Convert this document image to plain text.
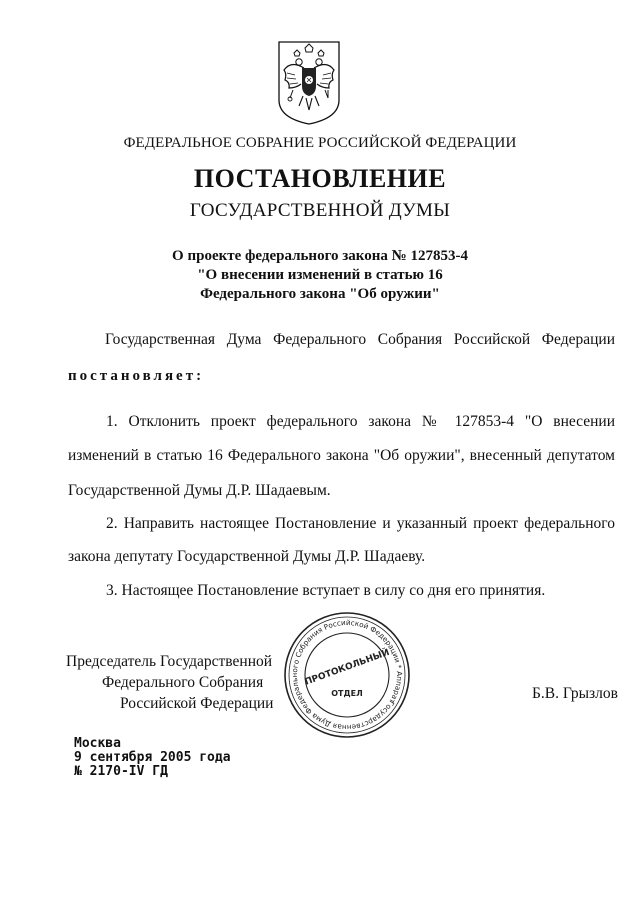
ФЕДЕРАЛЬНОЕ СОБРАНИЕ РОССИЙСКОЙ ФЕДЕРАЦИИ
ПОСТАНОВЛЕНИЕ
ГОСУДАРСТВЕННОЙ ДУМЫ
О проекте федерального закона № 127853-4
"О внесении изменений в статью 16
Федерального закона "Об оружии"
Государственная Дума Федерального Собрания Российской Федерации
постановляет:
1. Отклонить проект федерального закона № 127853-4 "О внесении
изменений в статью 16 Федерального закона "Об оружии", внесенный депутатом
Государственной Думы Д.Р. Шадаевым.
2. Направить настоящее Постановление и указанный проект федерального
закона депутату Государственной Думы Д.Р. Шадаеву.
3. Настоящее Постановление вступает в силу со дня его принятия.
Государственная Дума Федерального Собрания Российской Федерации * Аппарат
ПРОТОКОЛЬНЫЙ
ОТДЕЛ
Председатель Государственной
Федерального Собрания
Российской Федерации
Б.В. Грызлов
Москва
9 сентября 2005 года
№ 2170-IV ГД
